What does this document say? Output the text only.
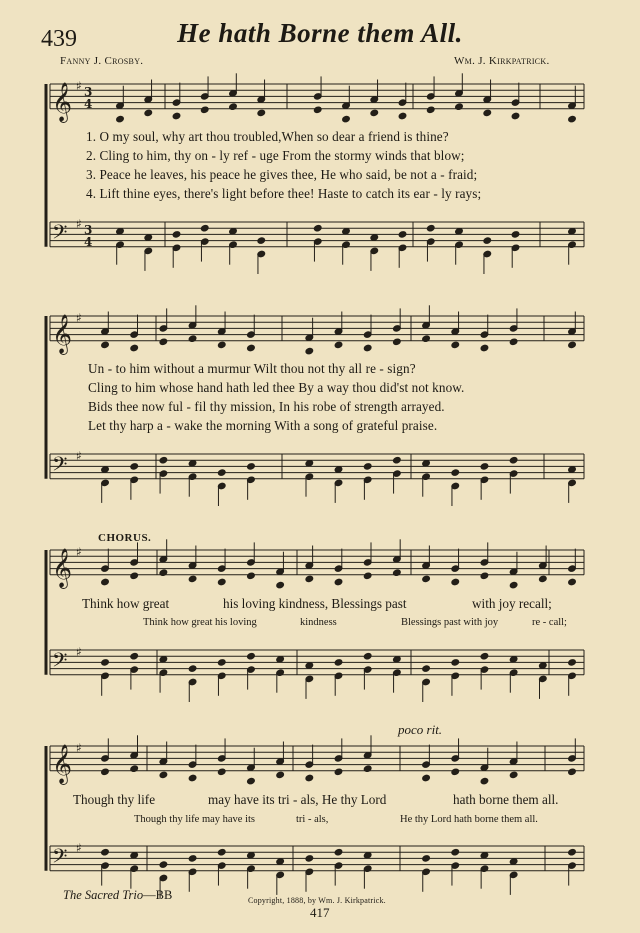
439	He hath Borne them All.
Fanny J. Crosby.	Wm. J. Kirkpatrick.
𝄞 ♯ 3
4
𝄢 ♯ 3
4
𝄞 ♯
𝄢 ♯
𝄞 ♯
𝄢 ♯
𝄞 ♯
𝄢 ♯
1. O my soul, why art thou troubled,When so dear a friend is thine?
2. Cling to him, thy on - ly ref - uge From the stormy winds that blow;
3. Peace he leaves, his peace he gives thee, He who said, be not a - fraid;
4. Lift thine eyes, there's light before thee! Haste to catch its ear - ly rays;
Un - to him without a murmur Wilt thou not thy all re - sign?
Cling to him whose hand hath led thee By a way thou did'st not know.
Bids thee now ful - fil thy mission, In his robe of strength arrayed.
Let thy harp a - wake the morning With a song of grateful praise.
CHORUS.
Think how great	his loving kindness, Blessings past	with joy recall;
Think how great his loving	kindness	Blessings past with joy	re - call;
poco rit.
Though thy life	may have its tri - als, He thy Lord	hath borne them all.
Though thy life may have its	tri - als,	He thy Lord hath borne them all.
The Sacred Trio—BB	Copyright, 1888, by Wm. J. Kirkpatrick.
417
